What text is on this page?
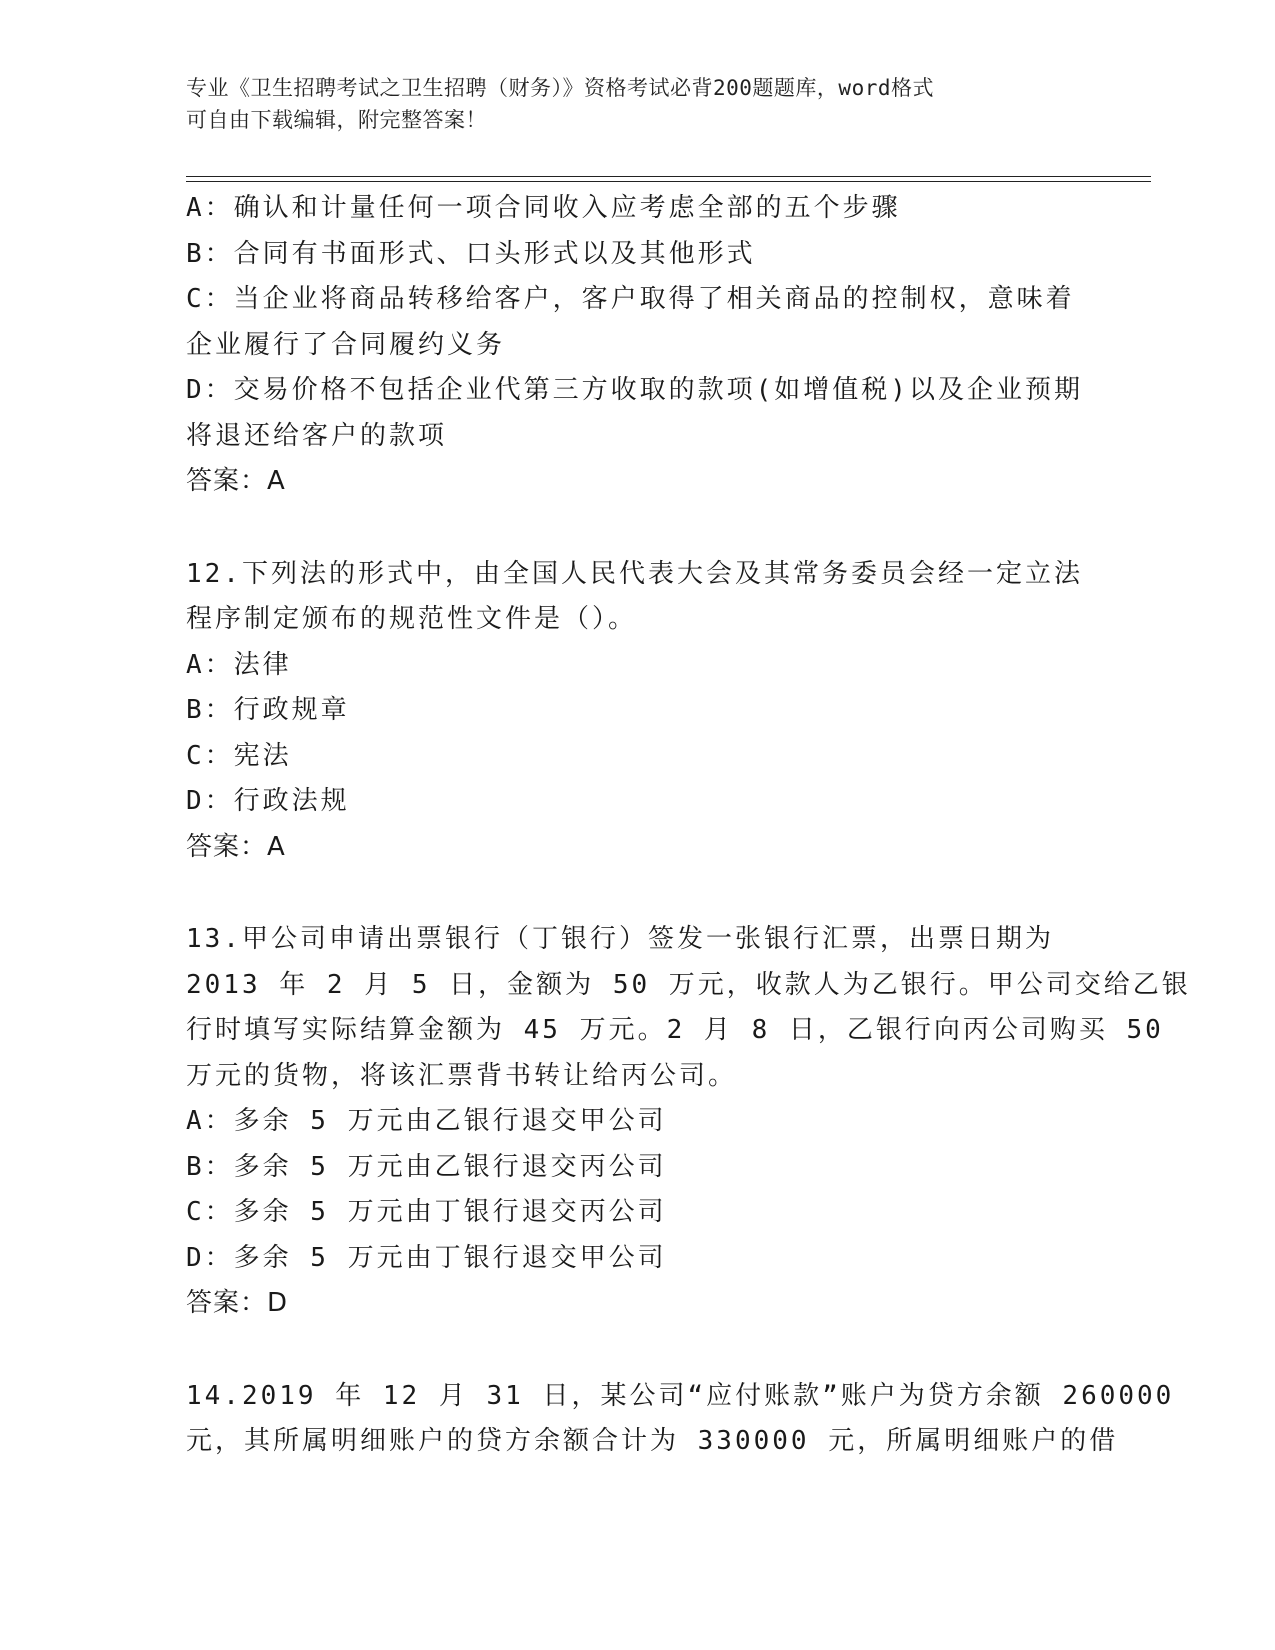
专业《卫生招聘考试之卫生招聘（财务）》资格考试必背200题题库，word格式
可自由下载编辑，附完整答案！
A：确认和计量任何一项合同收入应考虑全部的五个步骤
B：合同有书面形式、口头形式以及其他形式
C：当企业将商品转移给客户，客户取得了相关商品的控制权，意味着
企业履行了合同履约义务
D：交易价格不包括企业代第三方收取的款项(如增值税)以及企业预期
将退还给客户的款项
答案：A
12.下列法的形式中，由全国人民代表大会及其常务委员会经一定立法
程序制定颁布的规范性文件是（）。
A：法律
B：行政规章
C：宪法
D：行政法规
答案：A
13.甲公司申请出票银行（丁银行）签发一张银行汇票，出票日期为
2013 年 2 月 5 日，金额为 50 万元，收款人为乙银行。甲公司交给乙银
行时填写实际结算金额为 45 万元。2 月 8 日，乙银行向丙公司购买 50
万元的货物，将该汇票背书转让给丙公司。
A：多余 5 万元由乙银行退交甲公司
B：多余 5 万元由乙银行退交丙公司
C：多余 5 万元由丁银行退交丙公司
D：多余 5 万元由丁银行退交甲公司
答案：D
14.2019 年 12 月 31 日，某公司“应付账款”账户为贷方余额 260000
元，其所属明细账户的贷方余额合计为 330000 元，所属明细账户的借
